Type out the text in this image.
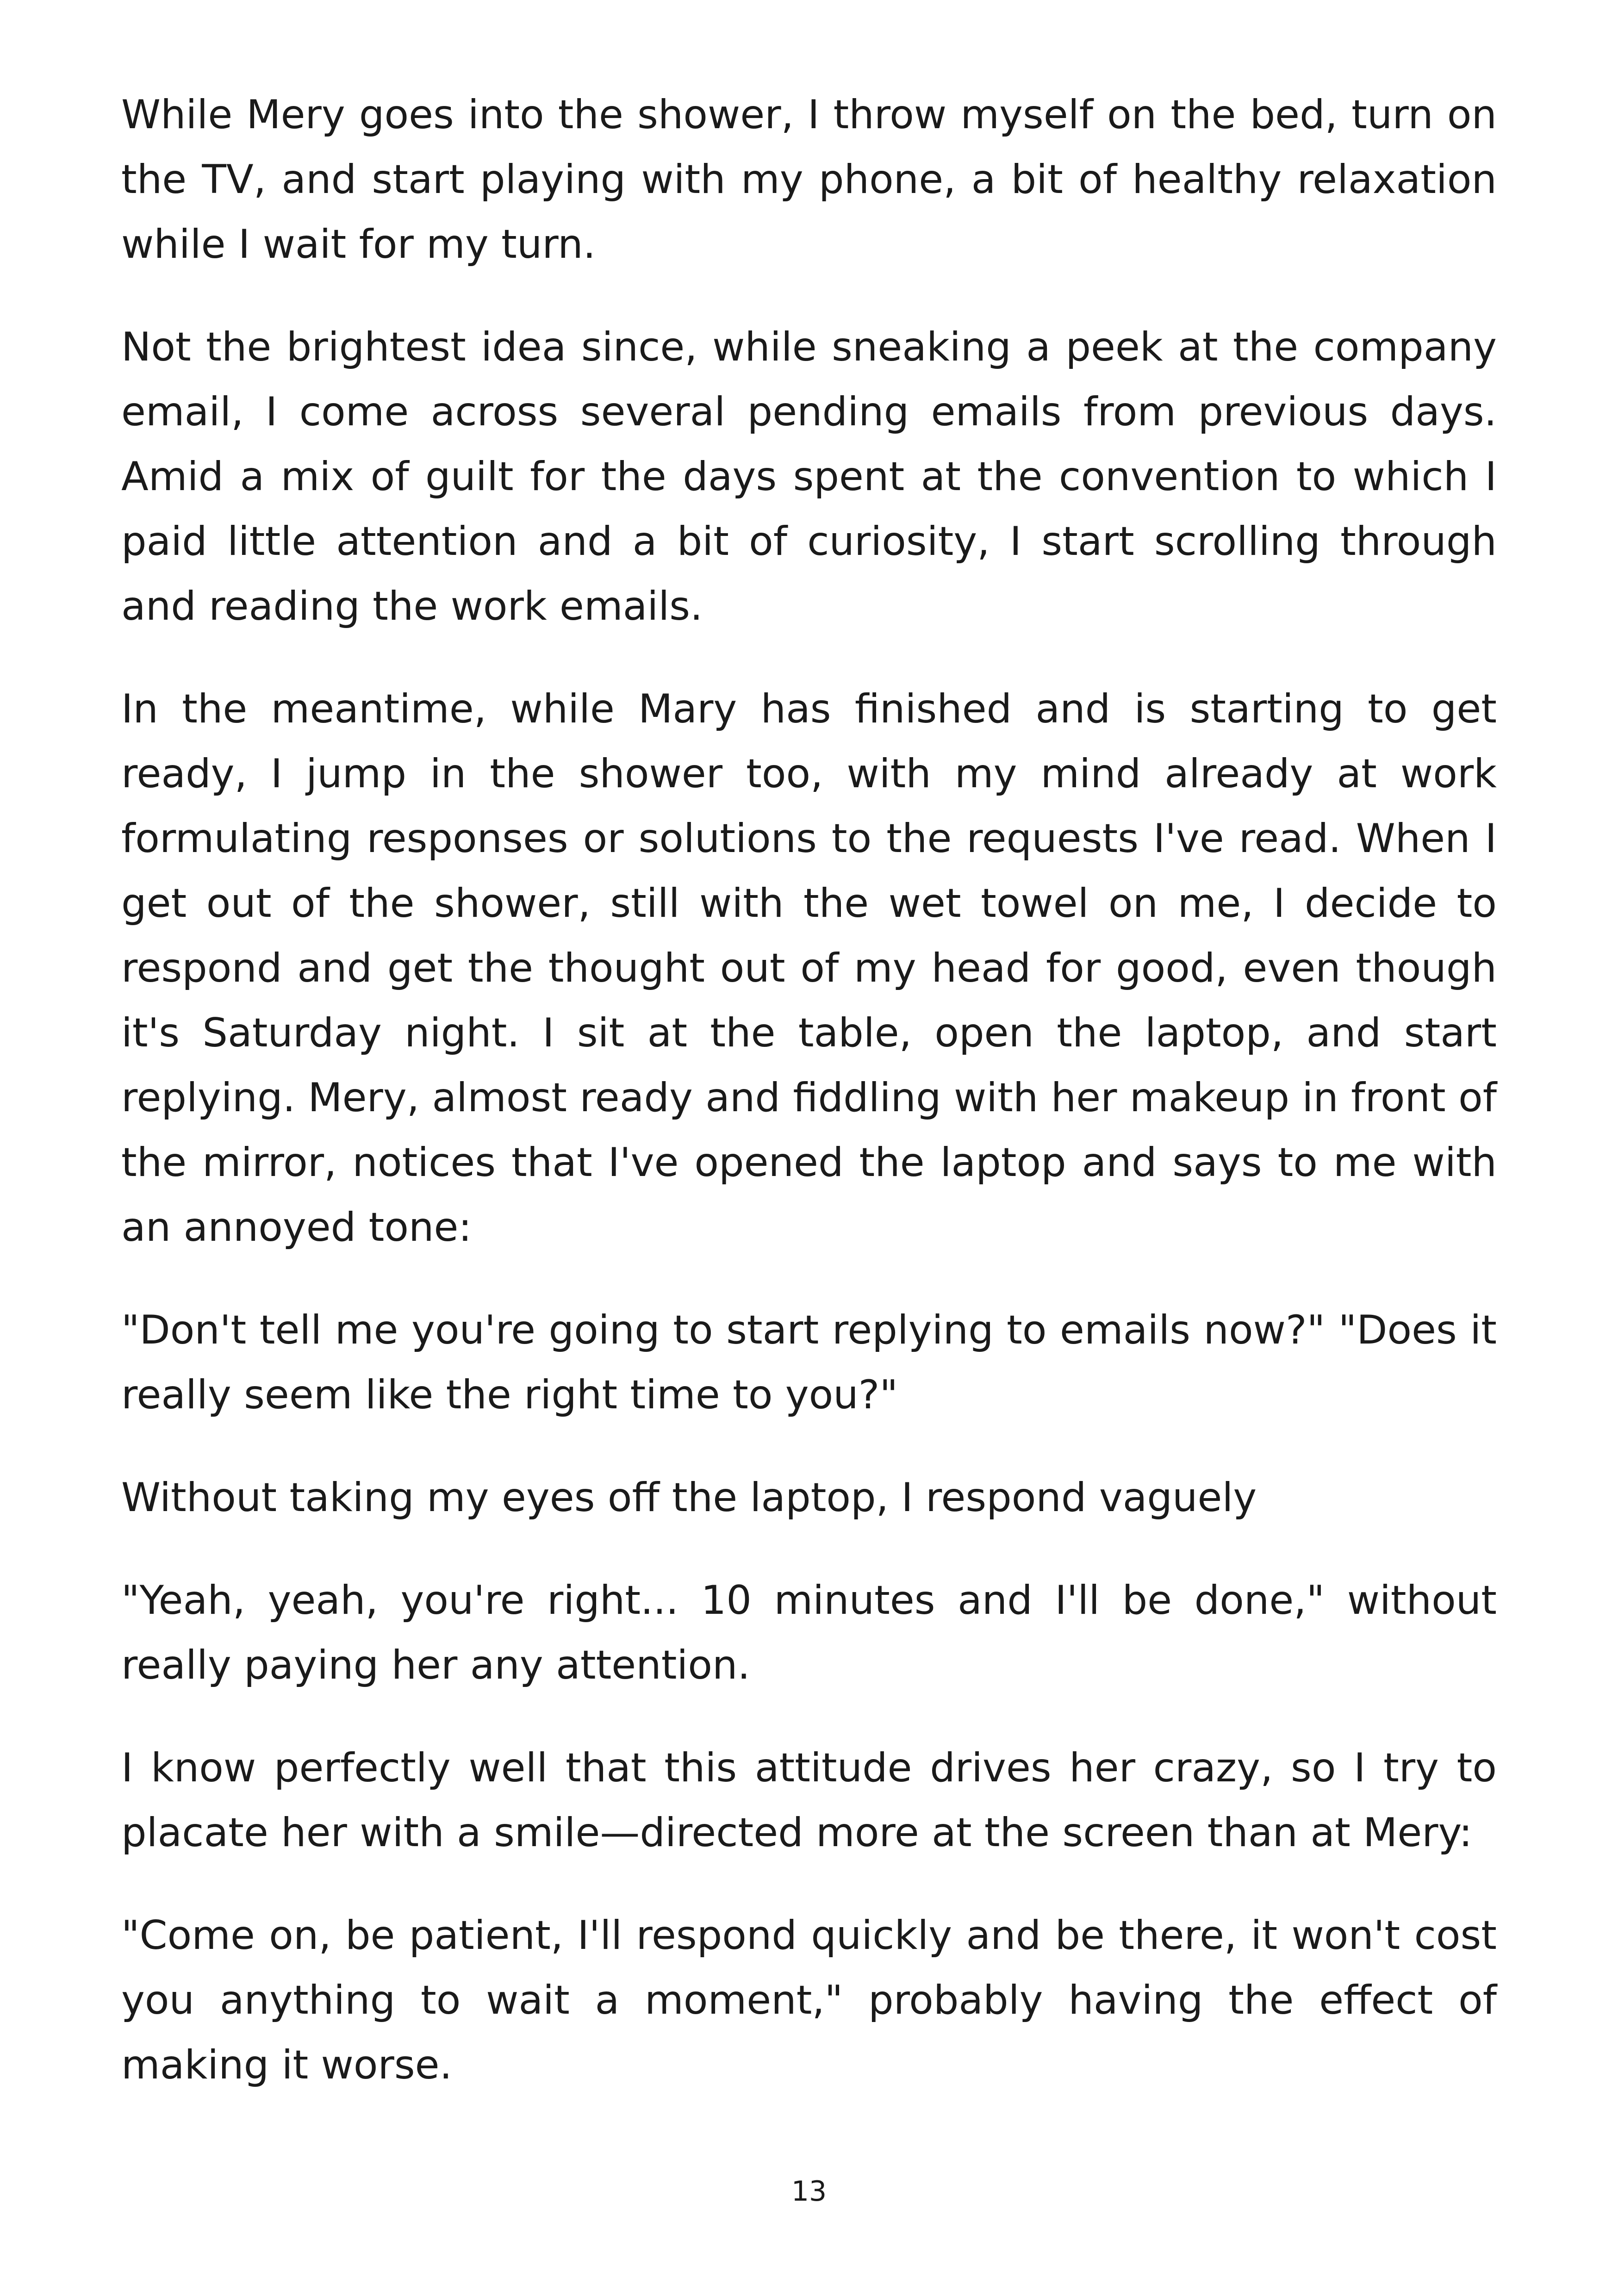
While Mery goes into the shower, I throw myself on the bed, turn on the TV, and start playing with my phone, a bit of healthy relaxation while I wait for my turn.

Not the brightest idea since, while sneaking a peek at the company email, I come across several pending emails from previous days. Amid a mix of guilt for the days spent at the convention to which I paid little attention and a bit of curiosity, I start scrolling through and reading the work emails.

In the meantime, while Mary has finished and is starting to get ready, I jump in the shower too, with my mind already at work formulating responses or solutions to the requests I've read. When I get out of the shower, still with the wet towel on me, I decide to respond and get the thought out of my head for good, even though it's Saturday night. I sit at the table, open the laptop, and start replying. Mery, almost ready and fiddling with her makeup in front of the mirror, notices that I've opened the laptop and says to me with an annoyed tone:

"Don't tell me you're going to start replying to emails now?" "Does it really seem like the right time to you?"

Without taking my eyes off the laptop, I respond vaguely

"Yeah, yeah, you're right... 10 minutes and I'll be done," without really paying her any attention.

I know perfectly well that this attitude drives her crazy, so I try to placate her with a smile—directed more at the screen than at Mery:

"Come on, be patient, I'll respond quickly and be there, it won't cost you anything to wait a moment," probably having the effect of making it worse.

13
